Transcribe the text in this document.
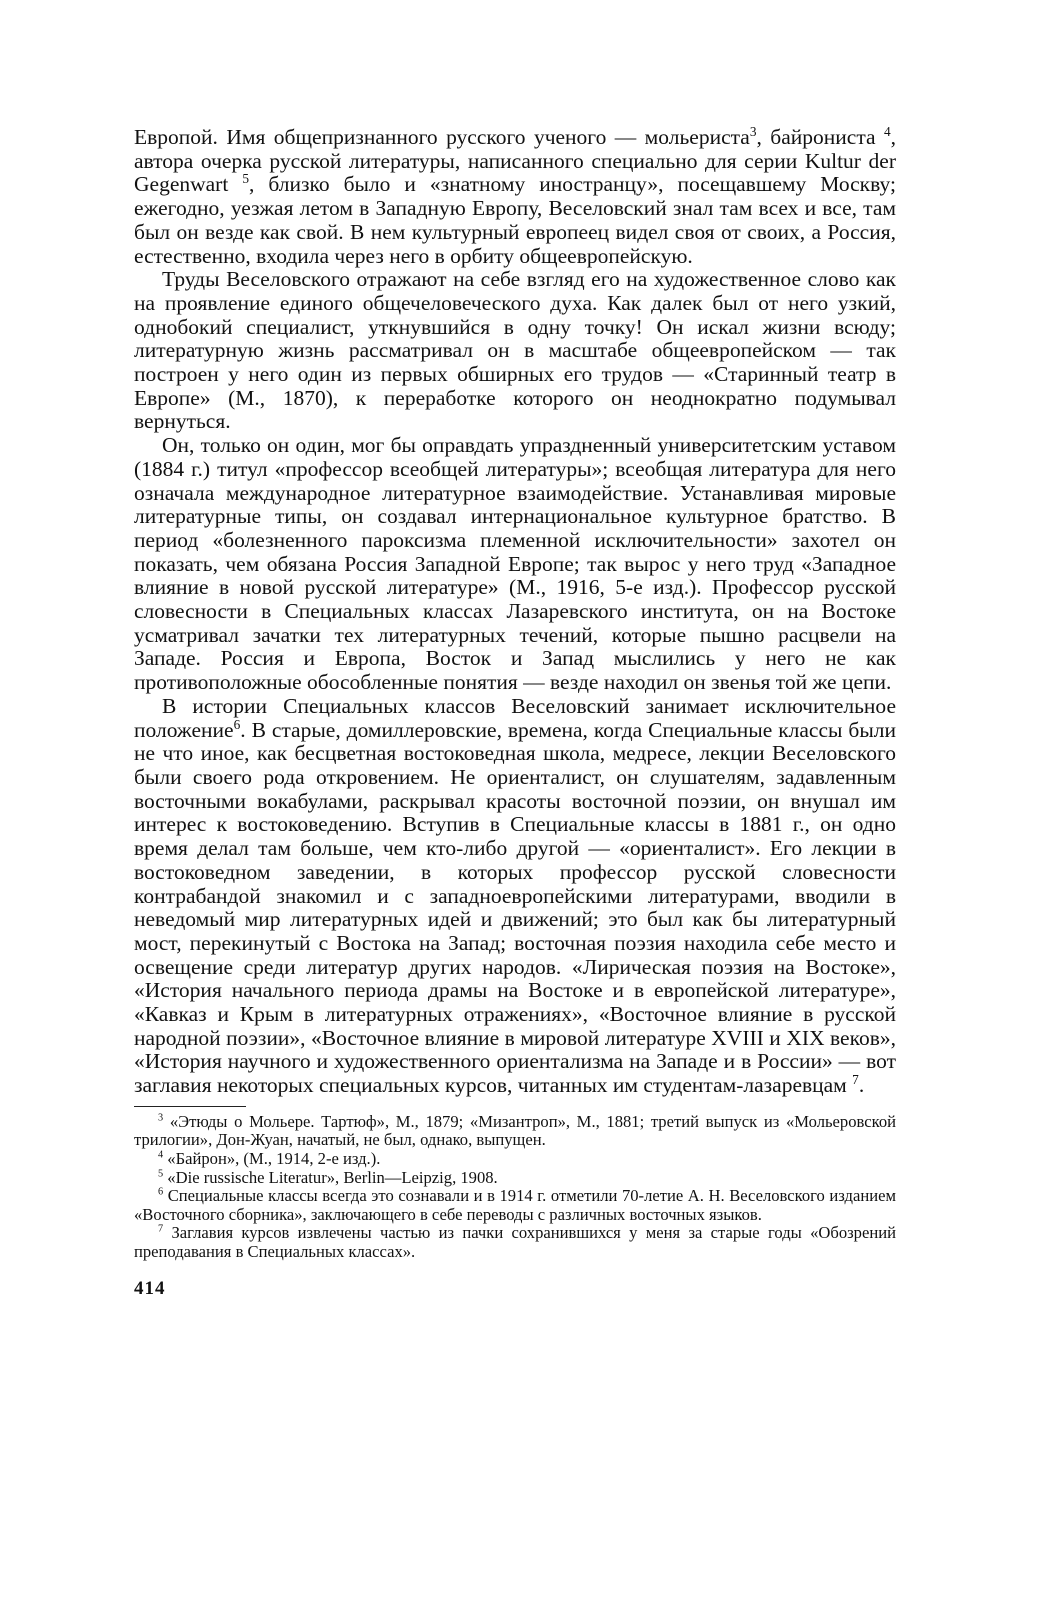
Европой. Имя общепризнанного русского ученого — мольериста$^3$, байрониста $^4$, автора очерка русской литературы, написанного специально для серии Kultur der Gegenwart $^5$, близко было и «знатному иностранцу», посещавшему Москву; ежегодно, уезжая летом в Западную Европу, Веселовский знал там всех и все, там был он везде как свой. В нем культурный европеец видел своя от своих, а Россия, естественно, входила через него в орбиту общеевропейскую.

Труды Веселовского отражают на себе взгляд его на художественное слово как на проявление единого общечеловеческого духа. Как далек был от него узкий, однобокий специалист, уткнувшийся в одну точку! Он искал жизни всюду; литературную жизнь рассматривал он в масштабе общеевропейском — так построен у него один из первых обширных его трудов — «Старинный театр в Европе» (М., 1870), к переработке которого он неоднократно подумывал вернуться.

Он, только он один, мог бы оправдать упраздненный университетским уставом (1884 г.) титул «профессор всеобщей литературы»; всеобщая литература для него означала международное литературное взаимодействие. Устанавливая мировые литературные типы, он создавал интернациональное культурное братство. В период «болезненного пароксизма племенной исключительности» захотел он показать, чем обязана Россия Западной Европе; так вырос у него труд «Западное влияние в новой русской литературе» (М., 1916, 5-е изд.). Профессор русской словесности в Специальных классах Лазаревского института, он на Востоке усматривал зачатки тех литературных течений, которые пышно расцвели на Западе. Россия и Европа, Восток и Запад мыслились у него не как противоположные обособленные понятия — везде находил он звенья той же цепи.

В истории Специальных классов Веселовский занимает исключительное положение$^6$. В старые, домиллеровские, времена, когда Специальные классы были не что иное, как бесцветная востоковедная школа, медресе, лекции Веселовского были своего рода откровением. Не ориенталист, он слушателям, задавленным восточными вокабулами, раскрывал красоты восточной поэзии, он внушал им интерес к востоковедению. Вступив в Специальные классы в 1881 г., он одно время делал там больше, чем кто-либо другой — «ориенталист». Его лекции в востоковедном заведении, в которых профессор русской словесности контрабандой знакомил и с западноевропейскими литературами, вводили в неведомый мир литературных идей и движений; это был как бы литературный мост, перекинутый с Востока на Запад; восточная поэзия находила себе место и освещение среди литератур других народов. «Лирическая поэзия на Востоке», «История начального периода драмы на Востоке и в европейской литературе», «Кавказ и Крым в литературных отражениях», «Восточное влияние в русской народной поэзии», «Восточное влияние в мировой литературе XVIII и XIX веков», «История научного и художественного ориентализма на Западе и в России» — вот заглавия некоторых специальных курсов, читанных им студентам-лазаревцам $^7$.

$^3$ «Этюды о Мольере. Тартюф», М., 1879; «Мизантроп», М., 1881; третий выпуск из «Мольеровской трилогии», Дон-Жуан, начатый, не был, однако, выпущен.

$^4$ «Байрон», (М., 1914, 2-е изд.).

$^5$ «Die russische Literatur», Berlin—Leipzig, 1908.

$^6$ Специальные классы всегда это сознавали и в 1914 г. отметили 70-летие А. Н. Веселовского изданием «Восточного сборника», заключающего в себе переводы с различных восточных языков.

$^7$ Заглавия курсов извлечены частью из пачки сохранившихся у меня за старые годы «Обозрений преподавания в Специальных классах».

414
